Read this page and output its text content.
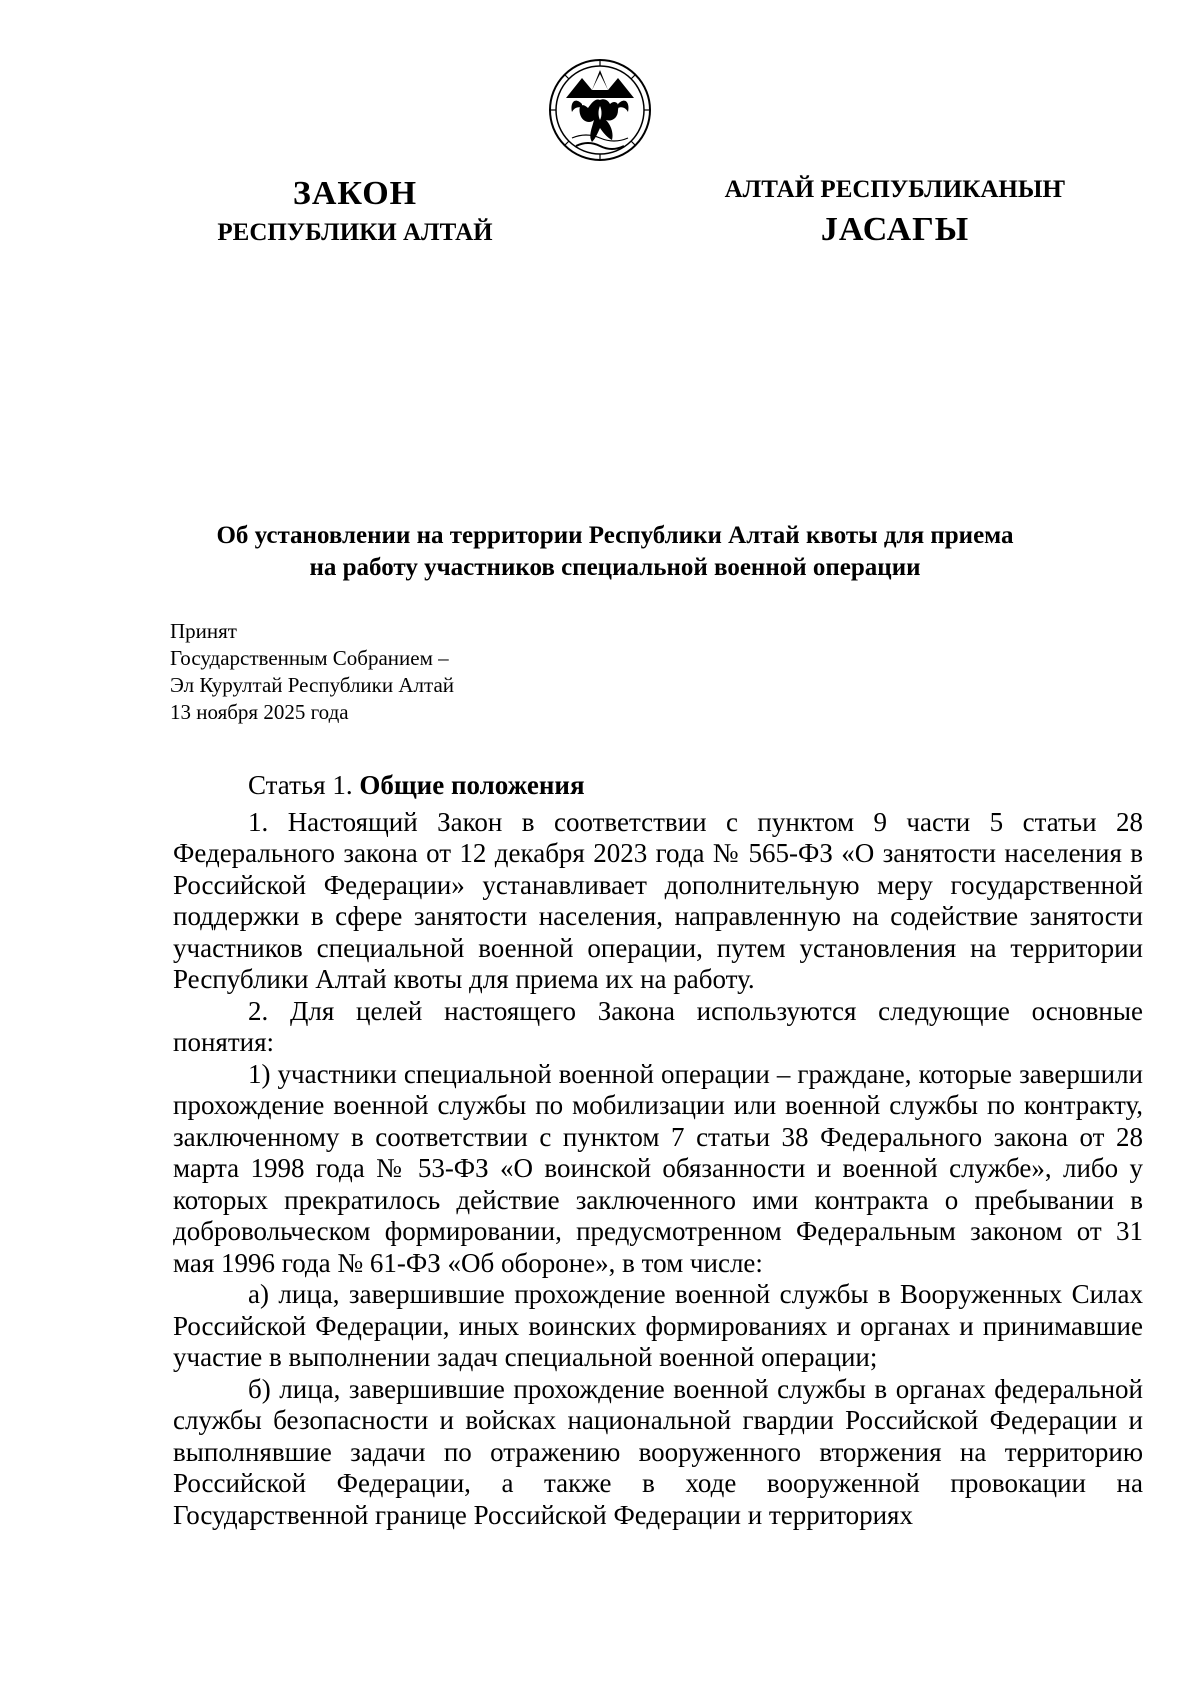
ЗАКОН
РЕСПУБЛИКИ АЛТАЙ
АЛТАЙ РЕСПУБЛИКАНЫҤ
ЈАСАГЫ
Об установлении на территории Республики Алтай квоты для приема
на работу участников специальной военной операции
Принят
Государственным Собранием –
Эл Курултай Республики Алтай
13 ноября 2025 года
Статья 1. Общие положения

1. Настоящий Закон в соответствии с пунктом 9 части 5 статьи 28 Федерального закона от 12 декабря 2023 года № 565-ФЗ «О занятости населения в Российской Федерации» устанавливает дополнительную меру государственной поддержки в сфере занятости населения, направленную на содействие занятости участников специальной военной операции, путем установления на территории Республики Алтай квоты для приема их на работу.

2. Для целей настоящего Закона используются следующие основные понятия:

1) участники специальной военной операции – граждане, которые завершили прохождение военной службы по мобилизации или военной службы по контракту, заключенному в соответствии с пунктом 7 статьи 38 Федерального закона от 28 марта 1998 года № 53-ФЗ «О воинской обязанности и военной службе», либо у которых прекратилось действие заключенного ими контракта о пребывании в добровольческом формировании, предусмотренном Федеральным законом от 31 мая 1996 года № 61-ФЗ «Об обороне», в том числе:

а) лица, завершившие прохождение военной службы в Вооруженных Силах Российской Федерации, иных воинских формированиях и органах и принимавшие участие в выполнении задач специальной военной операции;

б) лица, завершившие прохождение военной службы в органах федеральной службы безопасности и войсках национальной гвардии Российской Федерации и выполнявшие задачи по отражению вооруженного вторжения на территорию Российской Федерации, а также в ходе вооруженной провокации на Государственной границе Российской Федерации и территориях
